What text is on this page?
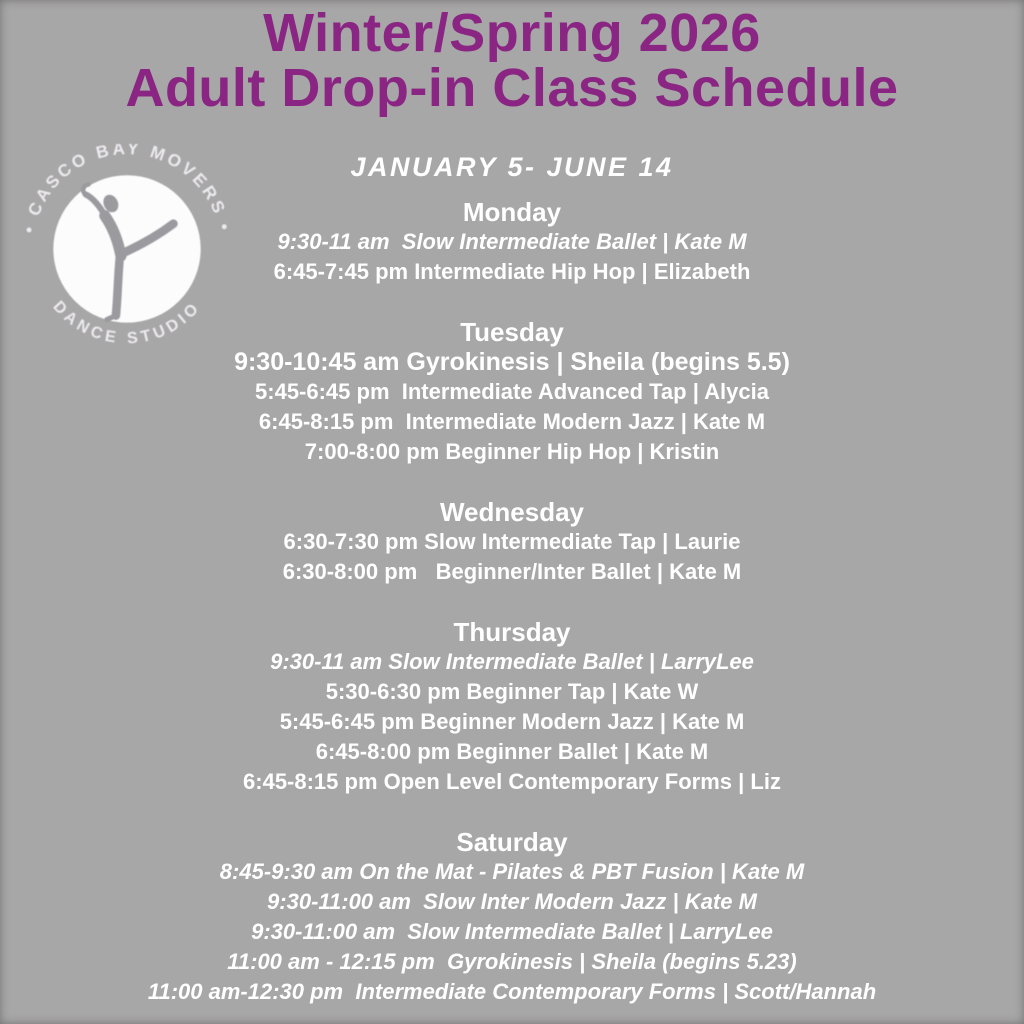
Winter/Spring 2026
Adult Drop-in Class Schedule
JANUARY 5- JUNE 14
• CASCO BAY MOVERS •
DANCE STUDIO
Monday
9:30-11 am  Slow Intermediate Ballet | Kate M
6:45-7:45 pm Intermediate Hip Hop | Elizabeth
Tuesday
9:30-10:45 am Gyrokinesis | Sheila (begins 5.5)
5:45-6:45 pm  Intermediate Advanced Tap | Alycia
6:45-8:15 pm  Intermediate Modern Jazz | Kate M
7:00-8:00 pm Beginner Hip Hop | Kristin
Wednesday
6:30-7:30 pm Slow Intermediate Tap | Laurie
6:30-8:00 pm   Beginner/Inter Ballet | Kate M
Thursday
9:30-11 am Slow Intermediate Ballet | LarryLee
5:30-6:30 pm Beginner Tap | Kate W
5:45-6:45 pm Beginner Modern Jazz | Kate M
6:45-8:00 pm Beginner Ballet | Kate M
6:45-8:15 pm Open Level Contemporary Forms | Liz
Saturday
8:45-9:30 am On the Mat - Pilates & PBT Fusion | Kate M
9:30-11:00 am  Slow Inter Modern Jazz | Kate M
9:30-11:00 am  Slow Intermediate Ballet | LarryLee
11:00 am - 12:15 pm  Gyrokinesis | Sheila (begins 5.23)
11:00 am-12:30 pm  Intermediate Contemporary Forms | Scott/Hannah
